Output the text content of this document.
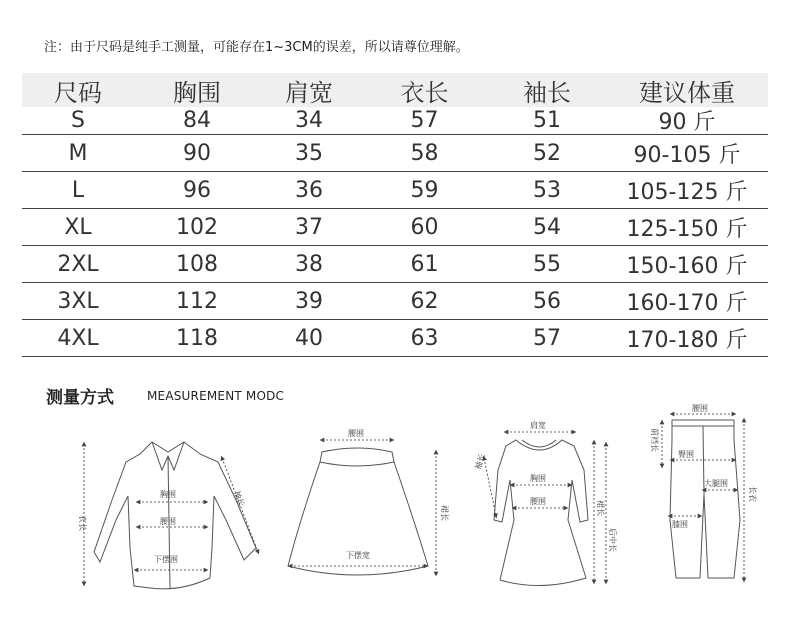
注：由于尺码是纯手工测量，可能存在1~3CM的误差，所以请尊位理解。
尺码	胸围	肩宽	衣长	袖长	建议体重
S	84	34	57	51	90 斤
M	90	35	58	52	90-105 斤
L	96	36	59	53	105-125 斤
XL	102	37	60	54	125-150 斤
2XL	108	38	61	55	150-160 斤
3XL	112	39	62	56	160-170 斤
4XL	118	40	63	57	170-180 斤
测量方式	MEASUREMENT MODC
衣长
胸围
腰围
下摆围
袖长
腰围
下摆宽
裙长
肩宽
袖长
胸围
腰围	裙长
后中长
腰围
前裆长
臀围
大腿围
膝围
长衣
